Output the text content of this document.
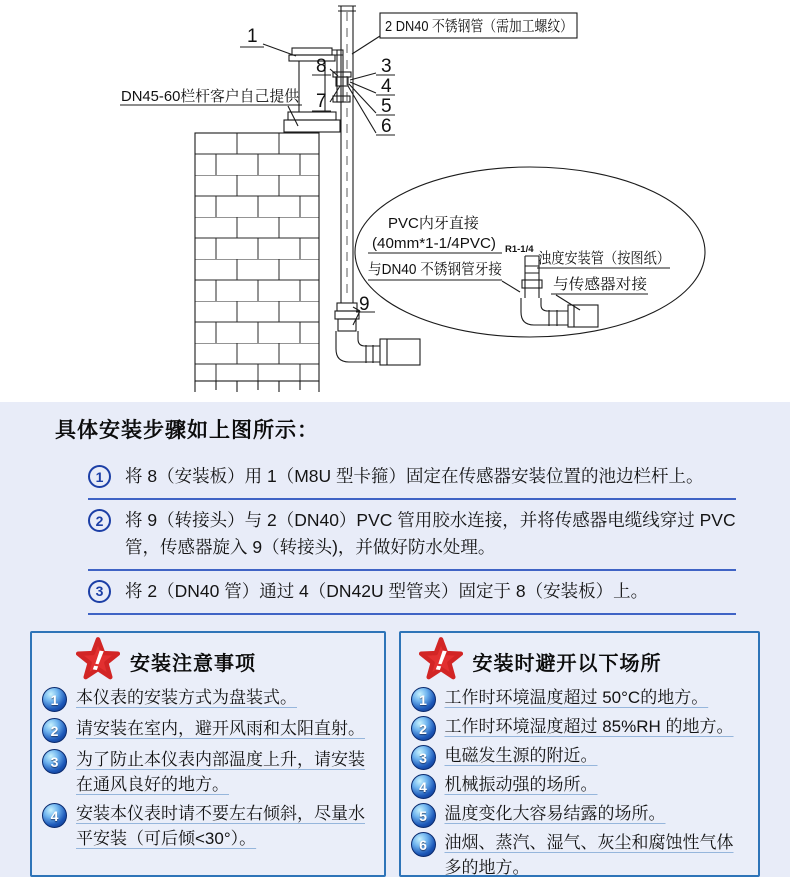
1	2 DN40 不锈钢管（需加工螺纹）
3
4
5
6
8
7
9
DN45-60栏杆客户自己提供
PVC内牙直接
(40mm*1-1/4PVC)
与DN40 不锈钢管牙接
R1-1/4
浊度安装管（按图纸）
与传感器对接
具体安装步骤如上图所示：
1	将 8（安装板）用 1（M8U 型卡箍）固定在传感器安装位置的池边栏杆上。
2	将 9（转接头）与 2（DN40）PVC 管用胶水连接，并将传感器电缆线穿过 PVC 管，传感器旋入 9（转接头)，并做好防水处理。
3	将 2（DN40 管）通过 4（DN42U 型管夹）固定于 8（安装板）上。
! 安装注意事项
1	本仪表的安装方式为盘装式。
2	请安装在室内，避开风雨和太阳直射。
3	为了防止本仪表内部温度上升，请安装在通风良好的地方。
4	安装本仪表时请不要左右倾斜，尽量水平安装（可后倾<30°）。
! 安装时避开以下场所
1	工作时环境温度超过 50°C的地方。
2	工作时环境湿度超过 85%RH 的地方。
3	电磁发生源的附近。
4	机械振动强的场所。
5	温度变化大容易结露的场所。
6	油烟、蒸汽、湿气、灰尘和腐蚀性气体多的地方。
